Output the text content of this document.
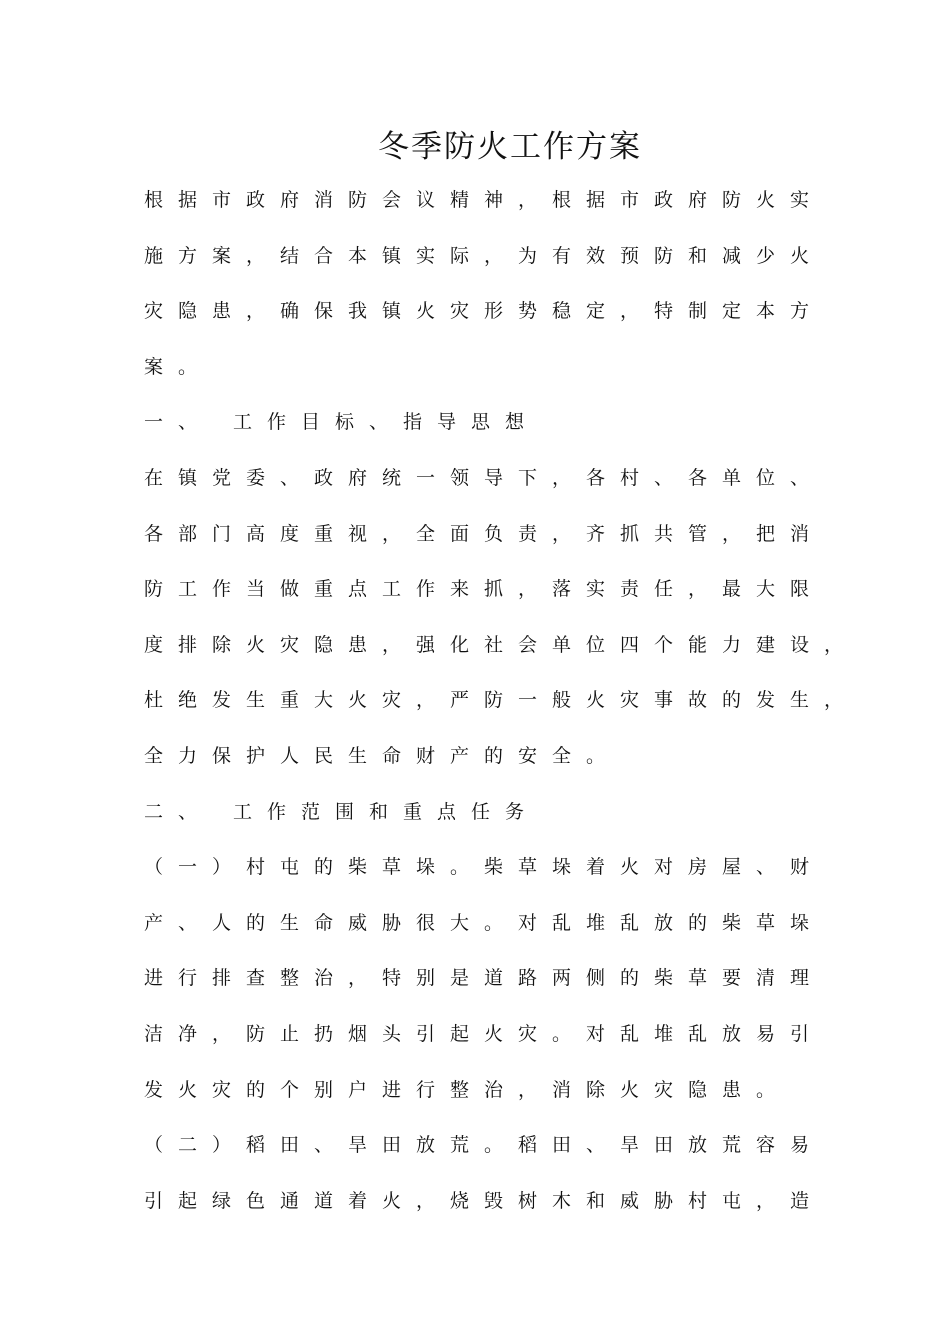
冬季防火工作方案
根据市政府消防会议精神，根据市政府防火实
施方案，结合本镇实际，为有效预防和减少火
灾隐患，确保我镇火灾形势稳定，特制定本方
案。
一、 工作目标、指导思想
在镇党委、政府统一领导下，各村、各单位、
各部门高度重视，全面负责，齐抓共管，把消
防工作当做重点工作来抓，落实责任，最大限
度排除火灾隐患，强化社会单位四个能力建设，
杜绝发生重大火灾，严防一般火灾事故的发生，
全力保护人民生命财产的安全。
二、 工作范围和重点任务
（一）村屯的柴草垛。柴草垛着火对房屋、财
产、人的生命威胁很大。对乱堆乱放的柴草垛
进行排查整治，特别是道路两侧的柴草要清理
洁净，防止扔烟头引起火灾。对乱堆乱放易引
发火灾的个别户进行整治，消除火灾隐患。
（二）稻田、旱田放荒。稻田、旱田放荒容易
引起绿色通道着火，烧毁树木和威胁村屯，造
